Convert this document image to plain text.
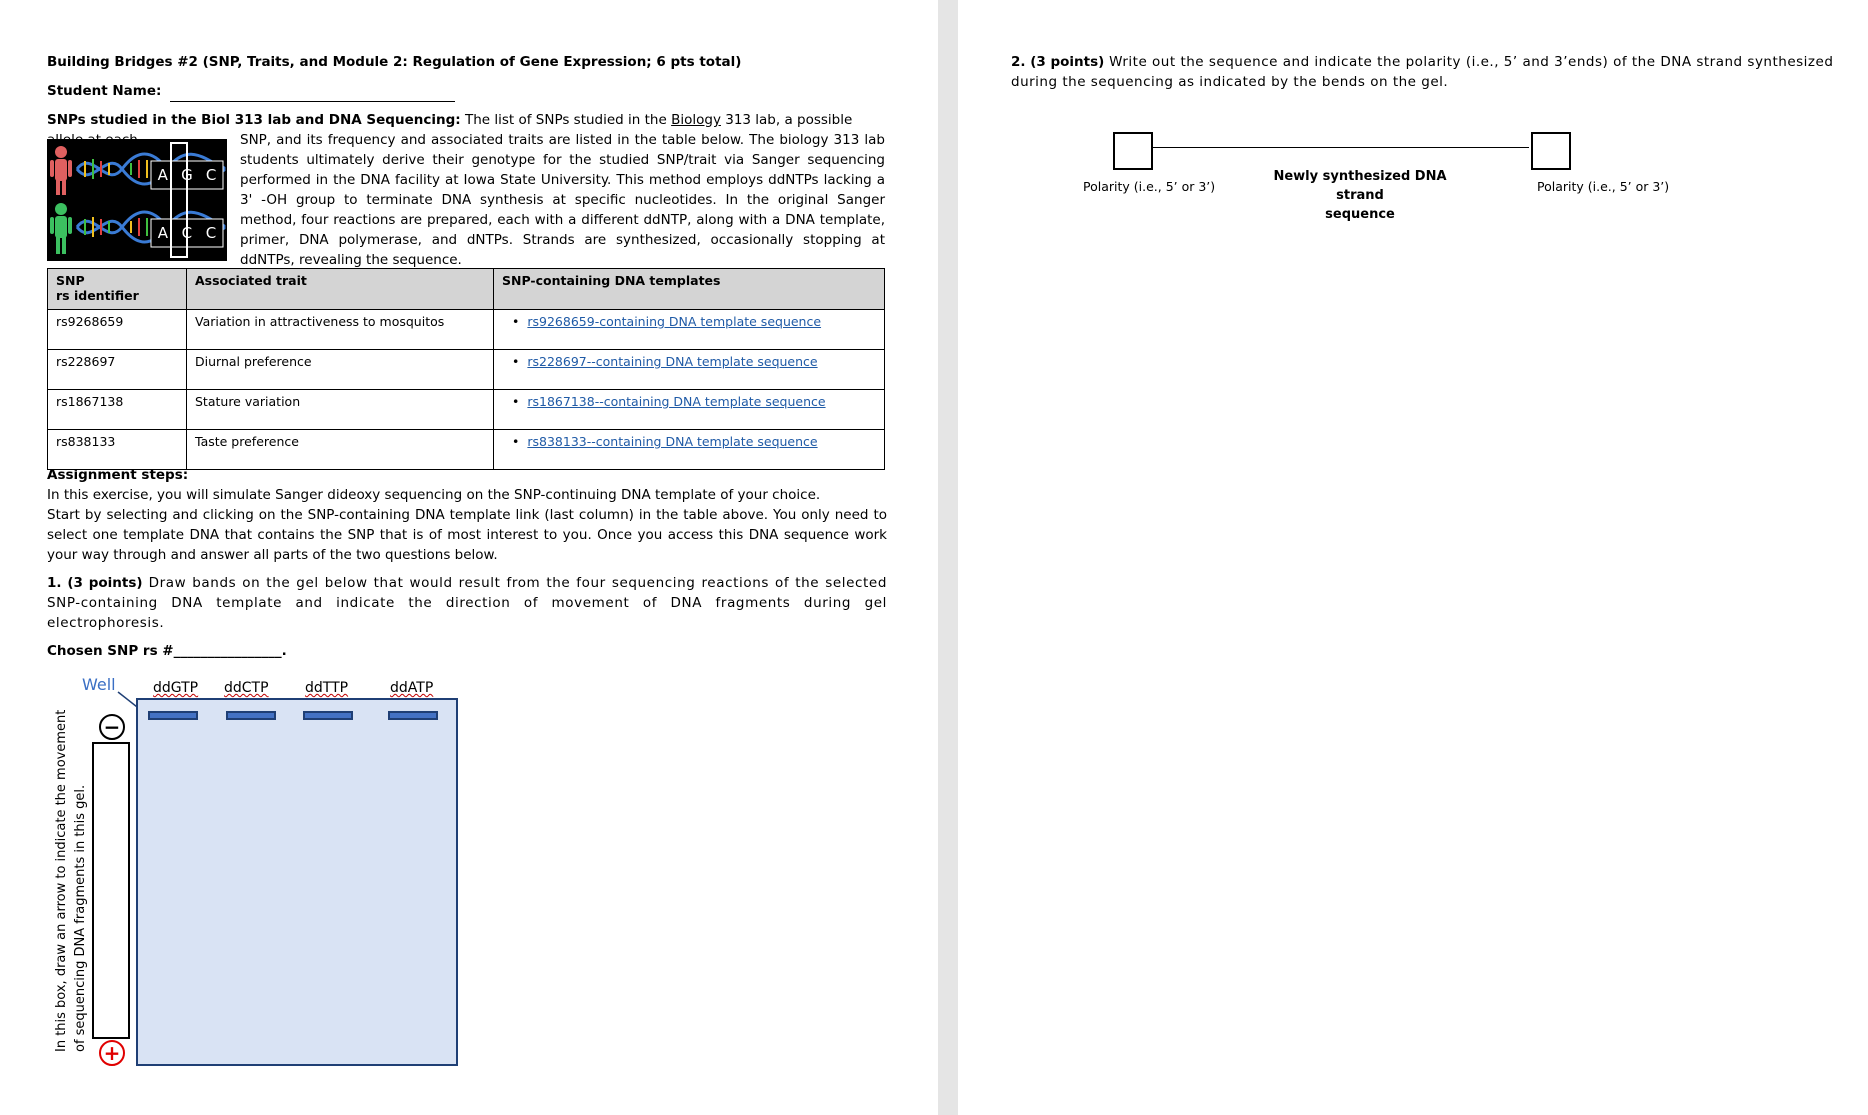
Building Bridges #2 (SNP, Traits, and Module 2: Regulation of Gene Expression; 6 pts total)
Student Name:
SNPs studied in the Biol 313 lab and DNA Sequencing: The list of SNPs studied in the Biology 313 lab, a possible
A G C
A C C
SNP, and its frequency and associated traits are listed in the table below. The biology 313 lab students ultimately derive their genotype for the studied SNP/trait via Sanger sequencing performed in the DNA facility at Iowa State University. This method employs ddNTPs lacking a 3' -OH group to terminate DNA synthesis at specific nucleotides. In the original Sanger method, four reactions are prepared, each with a different ddNTP, along with a DNA template, primer, DNA polymerase, and dNTPs. Strands are synthesized, occasionally stopping at ddNTPs, revealing the sequence.
SNP
rs identifier	Associated trait	SNP-containing DNA templates
rs9268659	Variation in attractiveness to mosquitos	• rs9268659-containing DNA template sequence
rs228697	Diurnal preference	• rs228697--containing DNA template sequence
rs1867138	Stature variation	• rs1867138--containing DNA template sequence
rs838133	Taste preference	• rs838133--containing DNA template sequence
Assignment steps:
In this exercise, you will simulate Sanger dideoxy sequencing on the SNP-continuing DNA template of your choice.
Start by selecting and clicking on the SNP-containing DNA template link (last column) in the table above. You only need to select one template DNA that contains the SNP that is of most interest to you. Once you access this DNA sequence work your way through and answer all parts of the two questions below.
1. (3 points) Draw bands on the gel below that would result from the four sequencing reactions of the selected SNP-containing DNA template and indicate the direction of movement of DNA fragments during gel electrophoresis.
Chosen SNP rs #________________.
Well	ddGTP ddCTP	ddTTP	ddATP
−
+
In this box, draw an arrow to indicate the movement of sequencing DNA fragments in this gel.
2. (3 points) Write out the sequence and indicate the polarity (i.e., 5’ and 3’ends) of the DNA strand synthesized during the sequencing as indicated by the bends on the gel.
Polarity (i.e., 5’ or 3’)
Newly synthesized DNA strand
sequence
Polarity (i.e., 5’ or 3’)
